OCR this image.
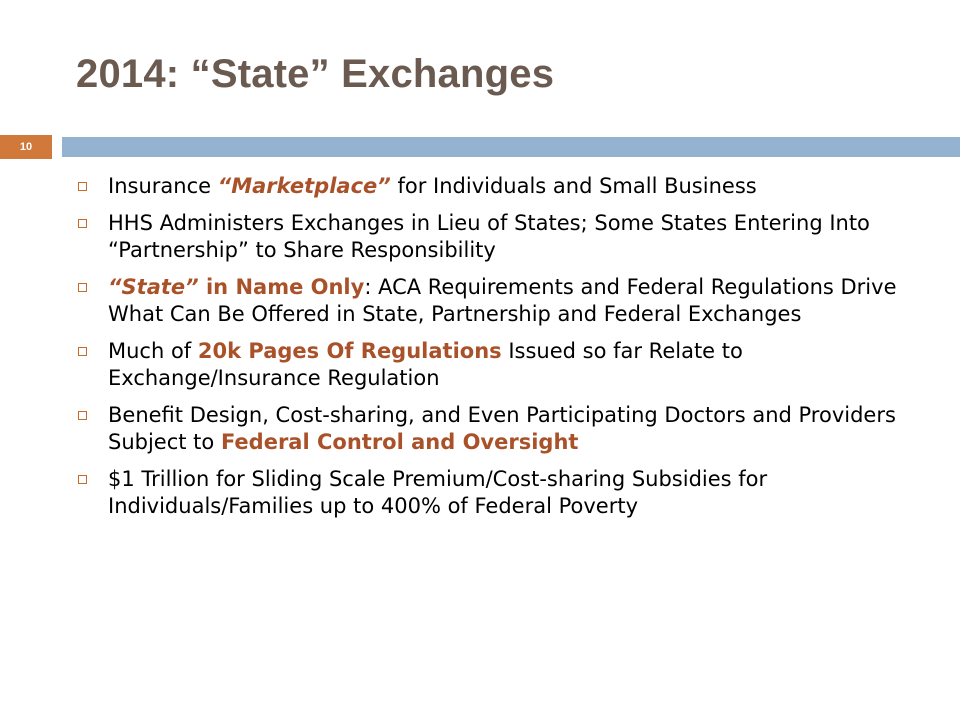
2014: “State” Exchanges
10
Insurance “Marketplace” for Individuals and Small Business
HHS Administers Exchanges in Lieu of States; Some States Entering Into “Partnership” to Share Responsibility
“State” in Name Only: ACA Requirements and Federal Regulations Drive What Can Be Offered in State, Partnership and Federal Exchanges
Much of 20k Pages Of Regulations Issued so far Relate to Exchange/Insurance Regulation
Benefit Design, Cost-sharing, and Even Participating Doctors and Providers Subject to Federal Control and Oversight
$1 Trillion for Sliding Scale Premium/Cost-sharing Subsidies for Individuals/Families up to 400% of Federal Poverty
